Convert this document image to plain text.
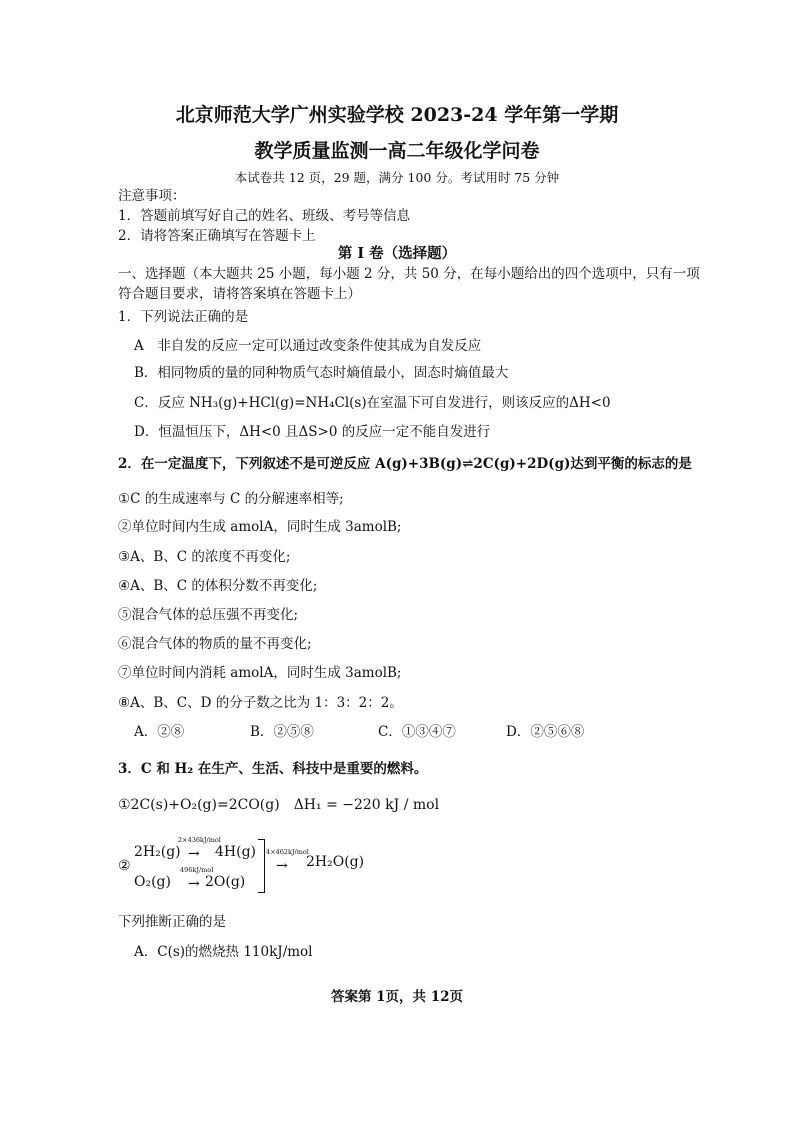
北京师范大学广州实验学校 2023-24 学年第一学期
教学质量监测一高二年级化学问卷
本试卷共 12 页，29 题，满分 100 分。考试用时 75 分钟
注意事项：
1．答题前填写好自己的姓名、班级、考号等信息
2．请将答案正确填写在答题卡上
第 I 卷（选择题）
一、选择题（本大题共 25 小题，每小题 2 分，共 50 分，在每小题给出的四个选项中，只有一项
符合题目要求，请将答案填在答题卡上）
1．下列说法正确的是
A　非自发的反应一定可以通过改变条件使其成为自发反应
B．相同物质的量的同种物质气态时熵值最小，固态时熵值最大
C．反应 NH₃(g)+HCl(g)=NH₄Cl(s)在室温下可自发进行，则该反应的ΔH<0
D．恒温恒压下，ΔH<0 且ΔS>0 的反应一定不能自发进行
2．在一定温度下，下列叙述不是可逆反应 A(g)+3B(g)⇌2C(g)+2D(g)达到平衡的标志的是
①C 的生成速率与 C 的分解速率相等;
②单位时间内生成 amolA，同时生成 3amolB;
③A、B、C 的浓度不再变化;
④A、B、C 的体积分数不再变化;
⑤混合气体的总压强不再变化;
⑥混合气体的物质的量不再变化;
⑦单位时间内消耗 amolA，同时生成 3amolB;
⑧A、B、C、D 的分子数之比为 1：3：2：2。
A．②⑧	B．②⑤⑧	C．①③④⑦	D．②⑤⑥⑧
3．C 和 H₂ 在生产、生活、科技中是重要的燃料。
①2C(s)+O₂(g)=2CO(g)　ΔH₁ = −220 kJ / mol
②
2H₂(g)
2×436kJ/mol
→ 4H(g)
O₂(g)
496kJ/mol
→ 2O(g)
4×462kJ/mol
→ 2H₂O(g)
下列推断正确的是
A．C(s)的燃烧热 110kJ/mol
答案第 1页，共 12页
